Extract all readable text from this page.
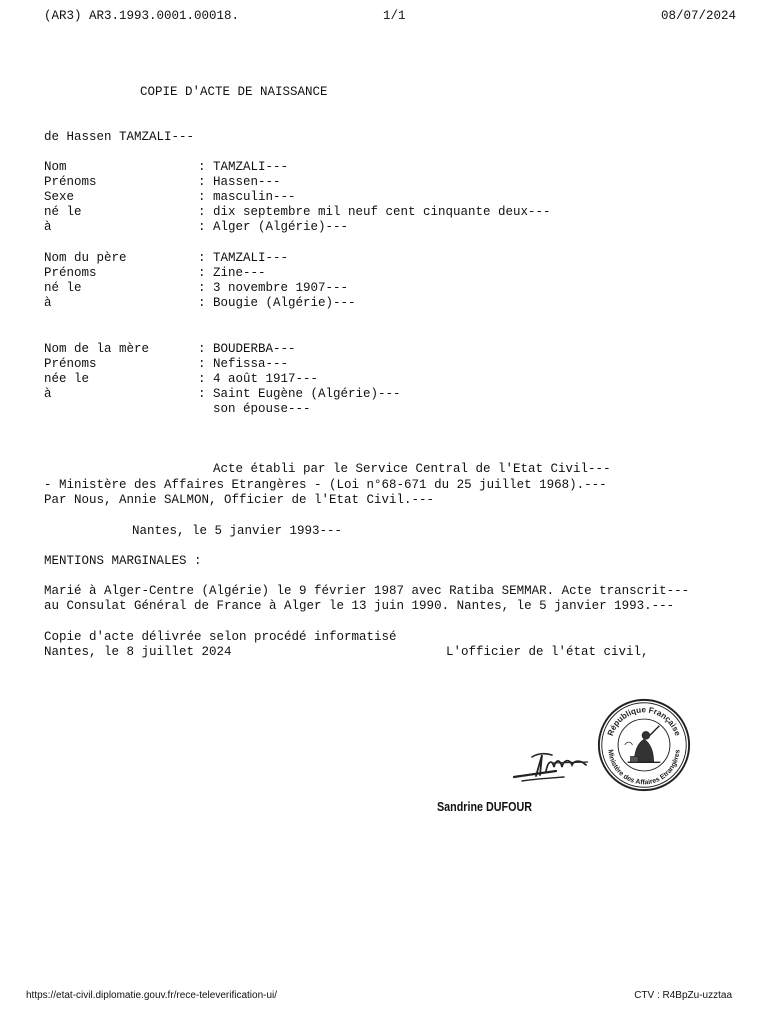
(AR3) AR3.1993.0001.00018.	1/1	08/07/2024
COPIE D'ACTE DE NAISSANCE
de Hassen TAMZALI---
Nom	: TAMZALI---
Prénoms	: Hassen---
Sexe	: masculin---
né le	: dix septembre mil neuf cent cinquante deux---
à	: Alger (Algérie)---
Nom du père	: TAMZALI---
Prénoms	: Zine---
né le	: 3 novembre 1907---
à	: Bougie (Algérie)---
Nom de la mère	: BOUDERBA---
Prénoms	: Nefissa---
née le	: 4 août 1917---
à	: Saint Eugène (Algérie)---
son épouse---
Acte établi par le Service Central de l'Etat Civil---
- Ministère des Affaires Etrangères - (Loi n°68-671 du 25 juillet 1968).---
Par Nous, Annie SALMON, Officier de l'Etat Civil.---
Nantes, le 5 janvier 1993---
MENTIONS MARGINALES :
Marié à Alger-Centre (Algérie) le 9 février 1987 avec Ratiba SEMMAR. Acte transcrit---
au Consulat Général de France à Alger le 13 juin 1990. Nantes, le 5 janvier 1993.---
Copie d'acte délivrée selon procédé informatisé
Nantes, le 8 juillet 2024	L'officier de l'état civil,
République Française
Ministère des Affaires Etrangères
Sandrine DUFOUR
https://etat-civil.diplomatie.gouv.fr/rece-televerification-ui/	CTV : R4BpZu-uzztaa
